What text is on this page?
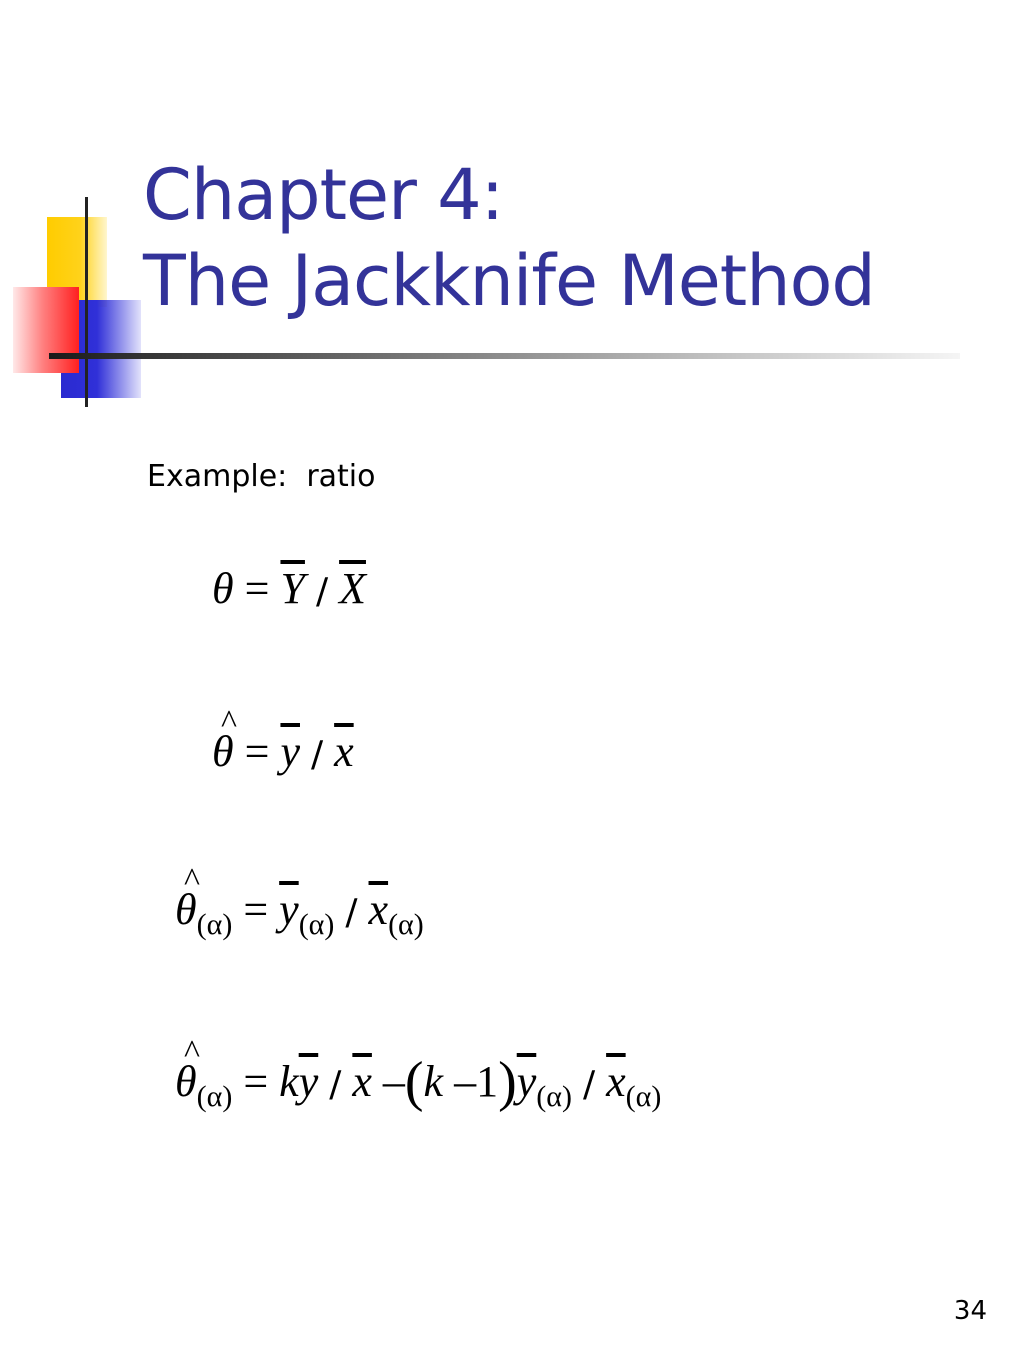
Chapter 4:
The Jackknife Method
Example:  ratio
$\theta = \overline{Y} / \overline{X}$
^ $\theta = \overline{y} / \overline{x}$
^ $\theta_{(\alpha)} = \overline{y}_{(\alpha)} / \overline{x}_{(\alpha)}$
^ $\theta_{(\alpha)} = k\overline{y} / \overline{x}$ –(k $-1)\overline{y}_{(\alpha)} / \overline{x}_{(\alpha)}$
34
